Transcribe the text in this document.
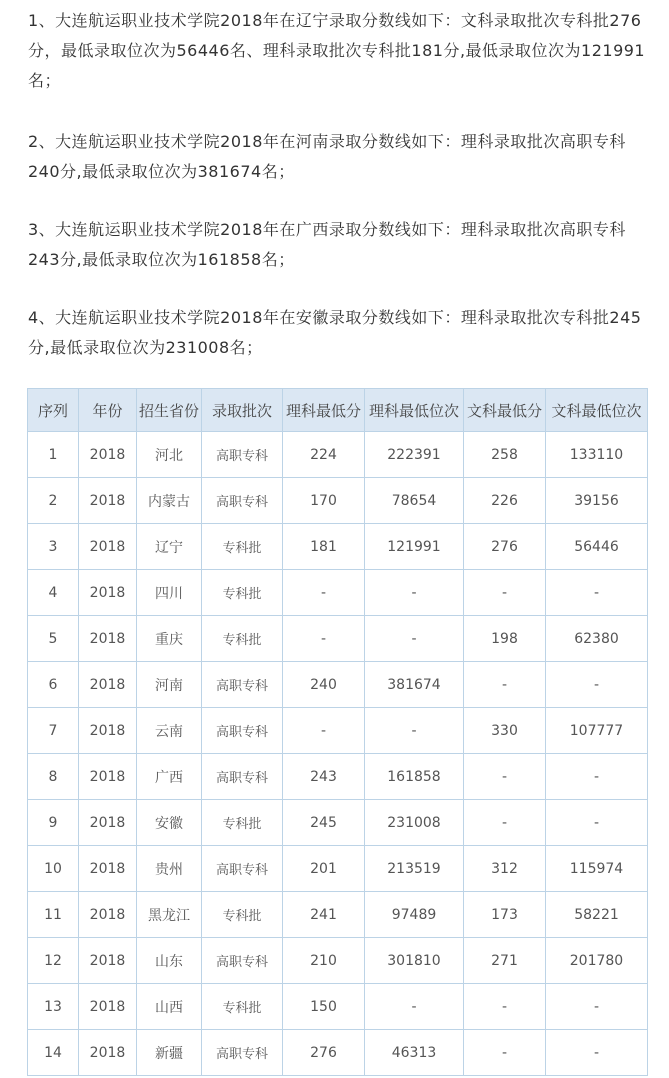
1、大连航运职业技术学院2018年在辽宁录取分数线如下：文科录取批次专科批276分，最低录取位次为56446名、理科录取批次专科批181分,最低录取位次为121991名；

2、大连航运职业技术学院2018年在河南录取分数线如下：理科录取批次高职专科240分,最低录取位次为381674名；

3、大连航运职业技术学院2018年在广西录取分数线如下：理科录取批次高职专科243分,最低录取位次为161858名；

4、大连航运职业技术学院2018年在安徽录取分数线如下：理科录取批次专科批245分,最低录取位次为231008名；

序列	年份	招生省份	录取批次	理科最低分	理科最低位次	文科最低分	文科最低位次
1	2018	河北	高职专科	224	222391	258	133110
2	2018	内蒙古	高职专科	170	78654	226	39156
3	2018	辽宁	专科批	181	121991	276	56446
4	2018	四川	专科批	-	-	-	-
5	2018	重庆	专科批	-	-	198	62380
6	2018	河南	高职专科	240	381674	-	-
7	2018	云南	高职专科	-	-	330	107777
8	2018	广西	高职专科	243	161858	-	-
9	2018	安徽	专科批	245	231008	-	-
10	2018	贵州	高职专科	201	213519	312	115974
11	2018	黑龙江	专科批	241	97489	173	58221
12	2018	山东	高职专科	210	301810	271	201780
13	2018	山西	专科批	150	-	-	-
14	2018	新疆	高职专科	276	46313	-	-
